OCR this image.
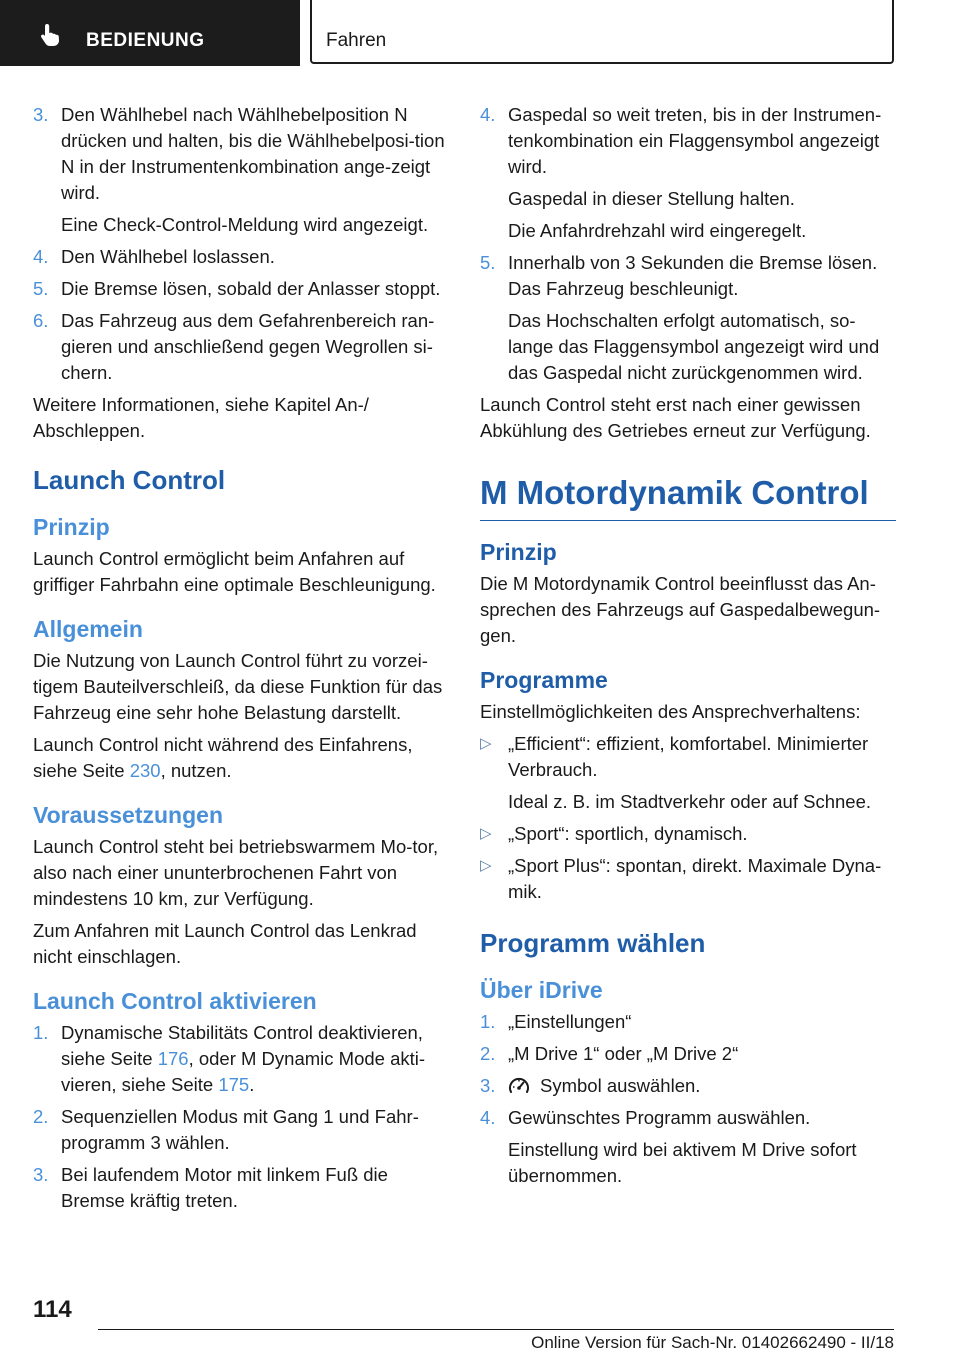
BEDIENUNG	Fahren
3. Den Wählhebel nach Wählhebelposition N drücken und halten, bis die Wählhebelposi-tion N in der Instrumentenkombination ange-zeigt wird.
Eine Check-Control-Meldung wird angezeigt.
4. Den Wählhebel loslassen.
5. Die Bremse lösen, sobald der Anlasser stoppt.
6. Das Fahrzeug aus dem Gefahrenbereich ran-gieren und anschließend gegen Wegrollen si-chern.

Weitere Informationen, siehe Kapitel An-/ Abschleppen.

Launch Control
Prinzip

Launch Control ermöglicht beim Anfahren auf griffiger Fahrbahn eine optimale Beschleunigung.

Allgemein

Die Nutzung von Launch Control führt zu vorzei-tigem Bauteilverschleiß, da diese Funktion für das Fahrzeug eine sehr hohe Belastung darstellt.

Launch Control nicht während des Einfahrens, siehe Seite 230, nutzen.

Voraussetzungen

Launch Control steht bei betriebswarmem Mo-tor, also nach einer ununterbrochenen Fahrt von mindestens 10 km, zur Verfügung.

Zum Anfahren mit Launch Control das Lenkrad nicht einschlagen.

Launch Control aktivieren
1. Dynamische Stabilitäts Control deaktivieren, siehe Seite 176, oder M Dynamic Mode akti-vieren, siehe Seite 175.
2. Sequenziellen Modus mit Gang 1 und Fahr-programm 3 wählen.
3. Bei laufendem Motor mit linkem Fuß die Bremse kräftig treten.
4. Gaspedal so weit treten, bis in der Instrumen-tenkombination ein Flaggensymbol angezeigt wird.
Gaspedal in dieser Stellung halten.
Die Anfahrdrehzahl wird eingeregelt.
5. Innerhalb von 3 Sekunden die Bremse lösen. Das Fahrzeug beschleunigt.
Das Hochschalten erfolgt automatisch, so-lange das Flaggensymbol angezeigt wird und das Gaspedal nicht zurückgenommen wird.

Launch Control steht erst nach einer gewissen Abkühlung des Getriebes erneut zur Verfügung.

M Motordynamik Control
Prinzip

Die M Motordynamik Control beeinflusst das An-sprechen des Fahrzeugs auf Gaspedalbewegun-gen.

Programme

Einstellmöglichkeiten des Ansprechverhaltens:

▷ „Efficient“: effizient, komfortabel. Minimierter Verbrauch.
Ideal z. B. im Stadtverkehr oder auf Schnee.
▷ „Sport“: sportlich, dynamisch.
▷ „Sport Plus“: spontan, direkt. Maximale Dyna-mik.
Programm wählen
Über iDrive
1. „Einstellungen“
2. „M Drive 1“ oder „M Drive 2“
3.	Symbol auswählen.
4. Gewünschtes Programm auswählen.
Einstellung wird bei aktivem M Drive sofort übernommen.
114
Online Version für Sach-Nr. 01402662490 - II/18
